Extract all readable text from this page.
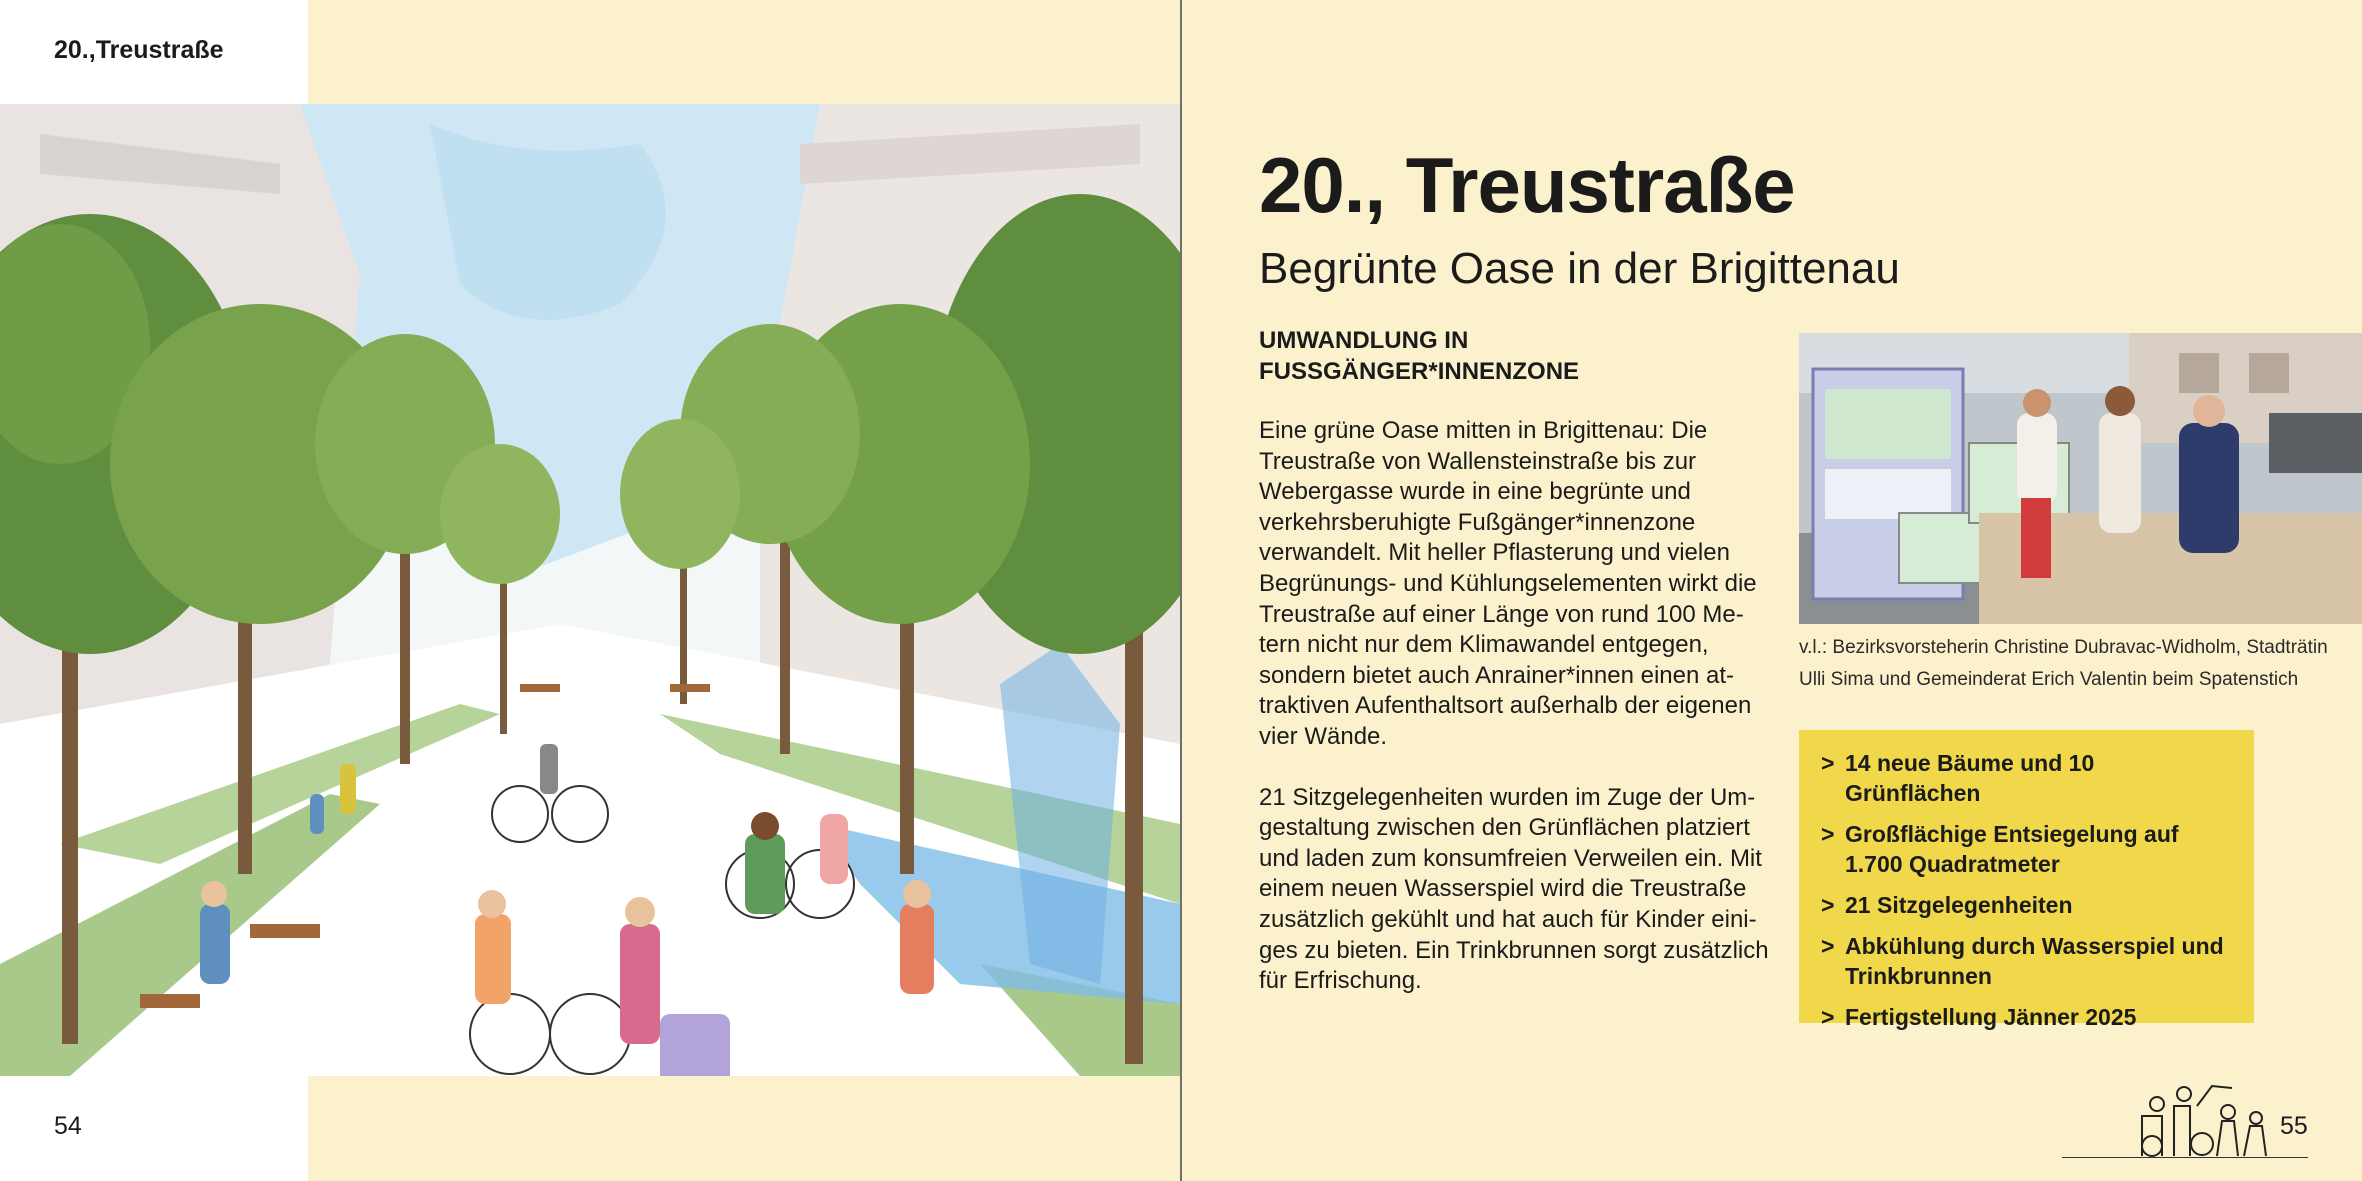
20.,Treustraße
54
20., Treustraße
Begrünte Oase in der Brigittenau
UMWANDLUNG IN
FUSSGÄNGER*INNENZONE

Eine grüne Oase mitten in Brigittenau: Die Treustraße von Wallensteinstraße bis zur Webergasse wurde in eine begrünte und verkehrsberuhigte Fußgänger*innenzone verwandelt. Mit heller Pflasterung und vielen Begrünungs- und Kühlungselementen wirkt die Treustraße auf einer Länge von rund 100 Metern nicht nur dem Klimawandel entgegen, sondern bietet auch Anrainer*innen einen attraktiven Aufenthaltsort außerhalb der eigenen vier Wände.

21 Sitzgelegenheiten wurden im Zuge der Umgestaltung zwischen den Grünflächen platziert und laden zum konsumfreien Verweilen ein. Mit einem neuen Wasserspiel wird die Treustraße zusätzlich gekühlt und hat auch für Kinder einiges zu bieten. Ein Trinkbrunnen sorgt zusätzlich für Erfrischung.

v.l.: Bezirksvorsteherin Christine Dubravac-Widholm, Stadträtin Ulli Sima und Gemeinderat Erich Valentin beim Spatenstich
> 14 neue Bäume und 10 Grünflächen
> Großflächige Entsiegelung auf 1.700 Quadratmeter
> 21 Sitzgelegenheiten
> Abkühlung durch Wasserspiel und Trinkbrunnen
> Fertigstellung Jänner 2025
55
